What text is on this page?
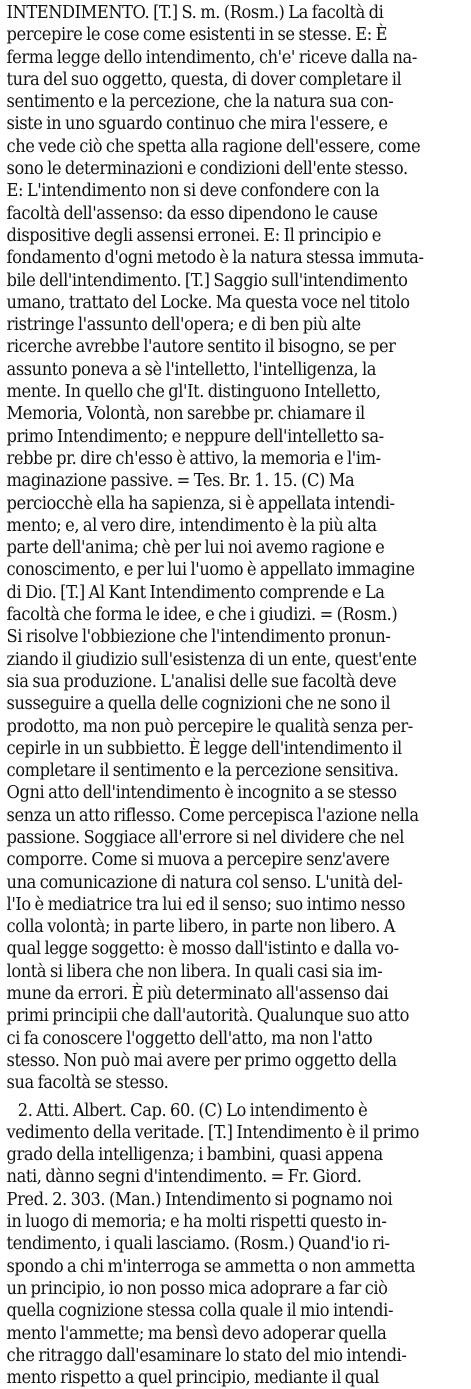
INTENDIMENTO. [T.] S. m. (Rosm.) La facoltà di
percepire le cose come esistenti in se stesse. E: È
ferma legge dello intendimento, ch'e' riceve dalla na-
tura del suo oggetto, questa, di dover completare il
sentimento e la percezione, che la natura sua con-
siste in uno sguardo continuo che mira l'essere, e
che vede ciò che spetta alla ragione dell'essere, come
sono le determinazioni e condizioni dell'ente stesso.
E: L'intendimento non si deve confondere con la
facoltà dell'assenso: da esso dipendono le cause
dispositive degli assensi erronei. E: Il principio e
fondamento d'ogni metodo è la natura stessa immuta-
bile dell'intendimento. [T.] Saggio sull'intendimento
umano, trattato del Locke. Ma questa voce nel titolo
ristringe l'assunto dell'opera; e di ben più alte
ricerche avrebbe l'autore sentito il bisogno, se per
assunto poneva a sè l'intelletto, l'intelligenza, la
mente. In quello che gl'It. distinguono Intelletto,
Memoria, Volontà, non sarebbe pr. chiamare il
primo Intendimento; e neppure dell'intelletto sa-
rebbe pr. dire ch'esso è attivo, la memoria e l'im-
maginazione passive. = Tes. Br. 1. 15. (C) Ma
perciocchè ella ha sapienza, si è appellata intendi-
mento; e, al vero dire, intendimento è la più alta
parte dell'anima; chè per lui noi avemo ragione e
conoscimento, e per lui l'uomo è appellato immagine
di Dio. [T.] Al Kant Intendimento comprende e La
facoltà che forma le idee, e che i giudizi. = (Rosm.)
Si risolve l'obbiezione che l'intendimento pronun-
ziando il giudizio sull'esistenza di un ente, quest'ente
sia sua produzione. L'analisi delle sue facoltà deve
susseguire a quella delle cognizioni che ne sono il
prodotto, ma non può percepire le qualità senza per-
cepirle in un subbietto. È legge dell'intendimento il
completare il sentimento e la percezione sensitiva.
Ogni atto dell'intendimento è incognito a se stesso
senza un atto riflesso. Come percepisca l'azione nella
passione. Soggiace all'errore si nel dividere che nel
comporre. Come si muova a percepire senz'avere
una comunicazione di natura col senso. L'unità del-
l'Io è mediatrice tra lui ed il senso; suo intimo nesso
colla volontà; in parte libero, in parte non libero. A
qual legge soggetto: è mosso dall'istinto e dalla vo-
lontà si libera che non libera. In quali casi sia im-
mune da errori. È più determinato all'assenso dai
primi principii che dall'autorità. Qualunque suo atto
ci fa conoscere l'oggetto dell'atto, ma non l'atto
stesso. Non può mai avere per primo oggetto della
sua facoltà se stesso.
2. Atti. Albert. Cap. 60. (C) Lo intendimento è
vedimento della veritade. [T.] Intendimento è il primo
grado della intelligenza; i bambini, quasi appena
nati, dànno segni d'intendimento. = Fr. Giord.
Pred. 2. 303. (Man.) Intendimento si pognamo noi
in luogo di memoria; e ha molti rispetti questo in-
tendimento, i quali lasciamo. (Rosm.) Quand'io ri-
spondo a chi m'interroga se ammetta o non ammetta
un principio, io non posso mica adoprare a far ciò
quella cognizione stessa colla quale il mio intendi-
mento l'ammette; ma bensì devo adoperar quella
che ritraggo dall'esaminare lo stato del mio intendi-
mento rispetto a quel principio, mediante il qual
